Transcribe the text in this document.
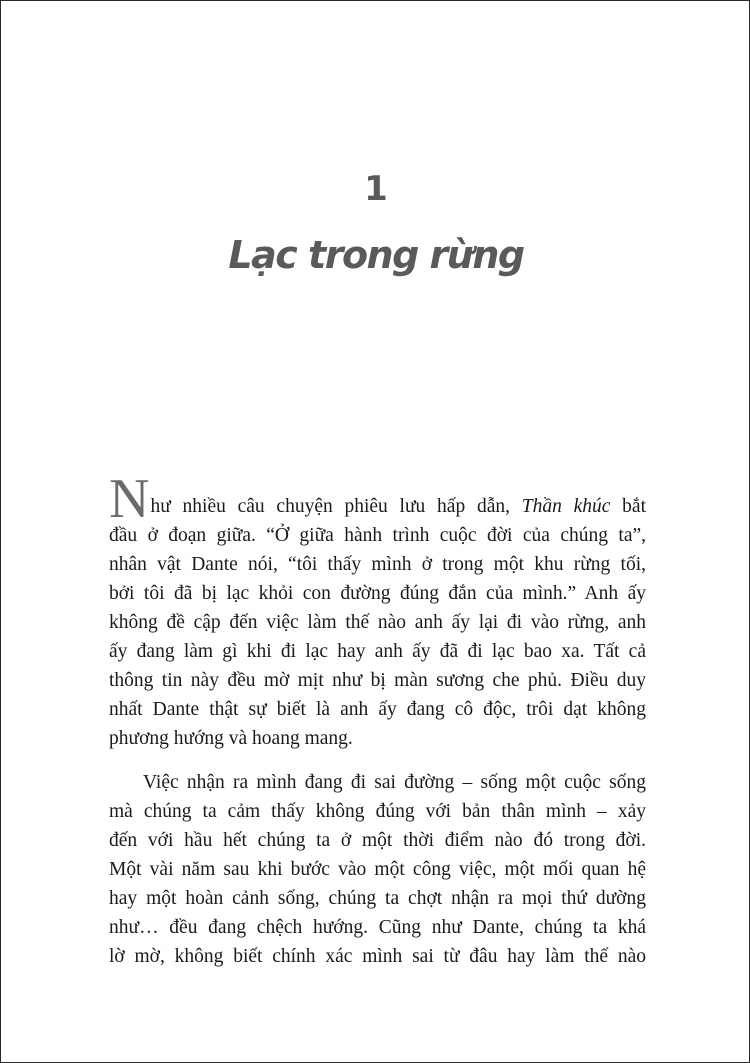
1
Lạc trong rừng

Như nhiều câu chuyện phiêu lưu hấp dẫn, Thần khúc bắt
đầu ở đoạn giữa. “Ở giữa hành trình cuộc đời của chúng ta”,
nhân vật Dante nói, “tôi thấy mình ở trong một khu rừng tối,
bởi tôi đã bị lạc khỏi con đường đúng đắn của mình.” Anh ấy
không đề cập đến việc làm thế nào anh ấy lại đi vào rừng, anh
ấy đang làm gì khi đi lạc hay anh ấy đã đi lạc bao xa. Tất cả
thông tin này đều mờ mịt như bị màn sương che phủ. Điều duy
nhất Dante thật sự biết là anh ấy đang cô độc, trôi dạt không
phương hướng và hoang mang.

Việc nhận ra mình đang đi sai đường – sống một cuộc sống
mà chúng ta cảm thấy không đúng với bản thân mình – xảy
đến với hầu hết chúng ta ở một thời điểm nào đó trong đời.
Một vài năm sau khi bước vào một công việc, một mối quan hệ
hay một hoàn cảnh sống, chúng ta chợt nhận ra mọi thứ dường
như… đều đang chệch hướng. Cũng như Dante, chúng ta khá
lờ mờ, không biết chính xác mình sai từ đâu hay làm thế nào
